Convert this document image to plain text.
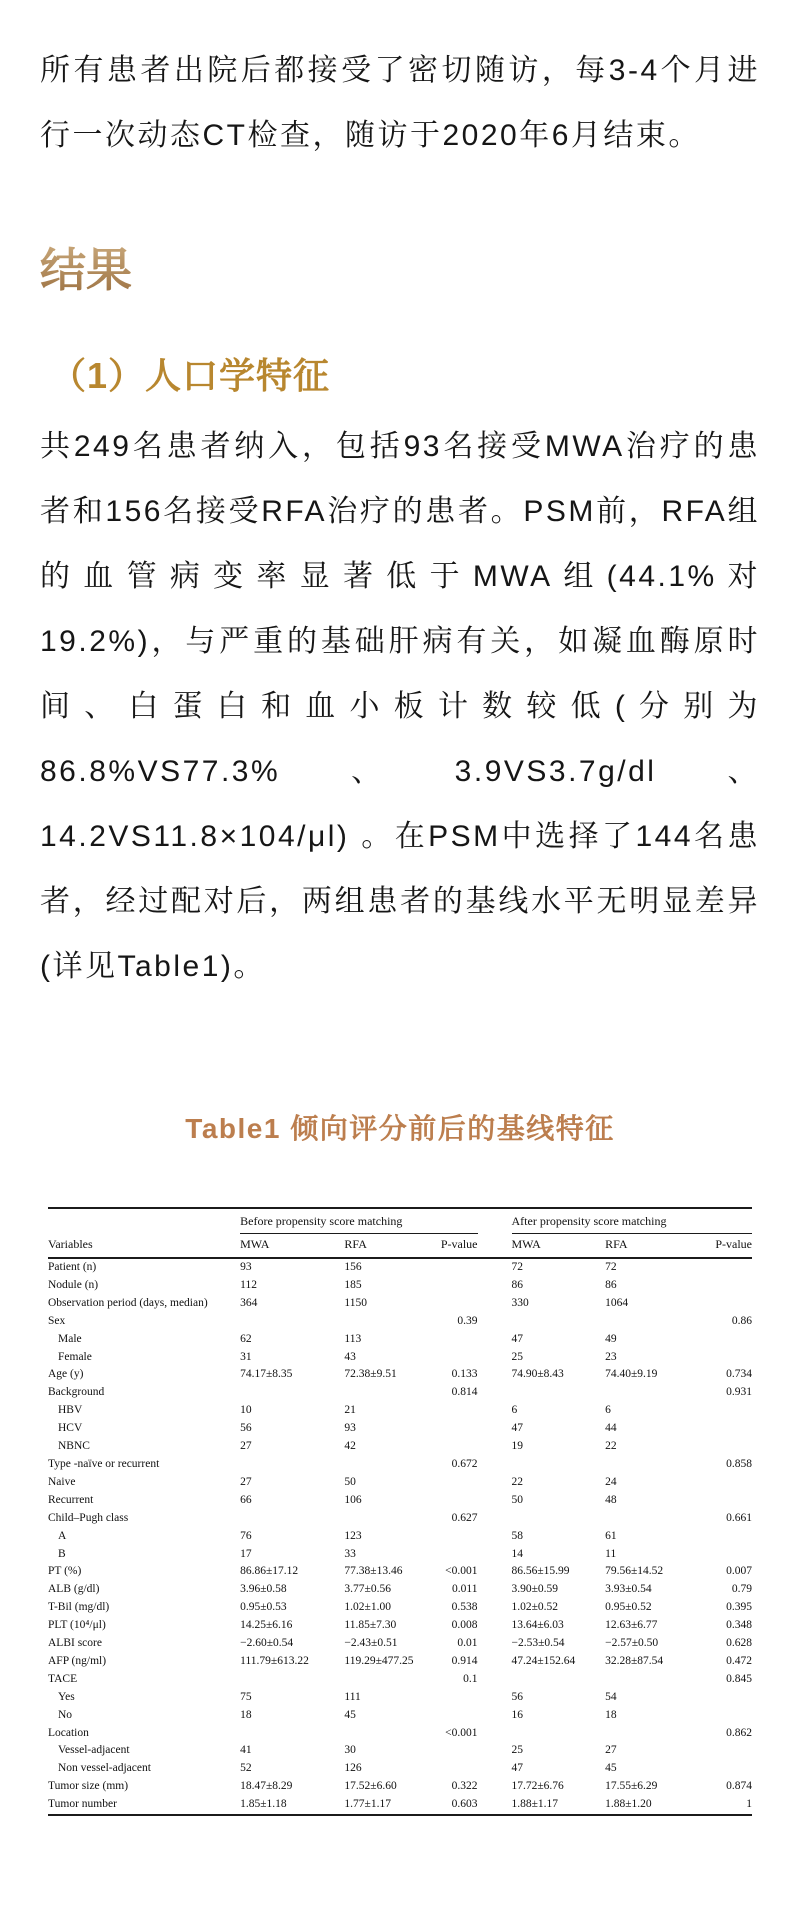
所有患者出院后都接受了密切随访，每3-4个月进行一次动态CT检查，随访于2020年6月结束。

结果
（1）人口学特征

共249名患者纳入，包括93名接受MWA治疗的患者和156名接受RFA治疗的患者。PSM前，RFA组的血管病变率显著低于MWA组(44.1%对19.2%)，与严重的基础肝病有关，如凝血酶原时间、白蛋白和血小板计数较低(分别为86.8%VS77.3%、3.9VS3.7g/dl、14.2VS11.8×104/μl) 。在PSM中选择了144名患者，经过配对后，两组患者的基线水平无明显差异(详见Table1)。

Table1 倾向评分前后的基线特征

	Before propensity score matching			After propensity score matching		

Variables	MWA	RFA	P-value	MWA	RFA	P-value
Patient (n)	93	156		72	72	
Nodule (n)	112	185		86	86	
Observation period (days, median)	364	1150		330	1064	
Sex			0.39			0.86
Male	62	113		47	49	
Female	31	43		25	23	
Age (y)	74.17±8.35	72.38±9.51	0.133	74.90±8.43	74.40±9.19	0.734
Background			0.814			0.931
HBV	10	21		6	6	
HCV	56	93		47	44	
NBNC	27	42		19	22	
Type -naïve or recurrent			0.672			0.858
Naive	27	50		22	24	
Recurrent	66	106		50	48	
Child–Pugh class			0.627			0.661
A	76	123		58	61	
B	17	33		14	11	
PT (%)	86.86±17.12	77.38±13.46	<0.001	86.56±15.99	79.56±14.52	0.007
ALB (g/dl)	3.96±0.58	3.77±0.56	0.011	3.90±0.59	3.93±0.54	0.79
T-Bil (mg/dl)	0.95±0.53	1.02±1.00	0.538	1.02±0.52	0.95±0.52	0.395
PLT (10⁴/μl)	14.25±6.16	11.85±7.30	0.008	13.64±6.03	12.63±6.77	0.348
ALBI score	−2.60±0.54	−2.43±0.51	0.01	−2.53±0.54	−2.57±0.50	0.628
AFP (ng/ml)	111.79±613.22	119.29±477.25	0.914	47.24±152.64	32.28±87.54	0.472
TACE			0.1			0.845
Yes	75	111		56	54	
No	18	45		16	18	
Location			<0.001			0.862
Vessel-adjacent	41	30		25	27	
Non vessel-adjacent	52	126		47	45	
Tumor size (mm)	18.47±8.29	17.52±6.60	0.322	17.72±6.76	17.55±6.29	0.874
Tumor number	1.85±1.18	1.77±1.17	0.603	1.88±1.17	1.88±1.20	1
